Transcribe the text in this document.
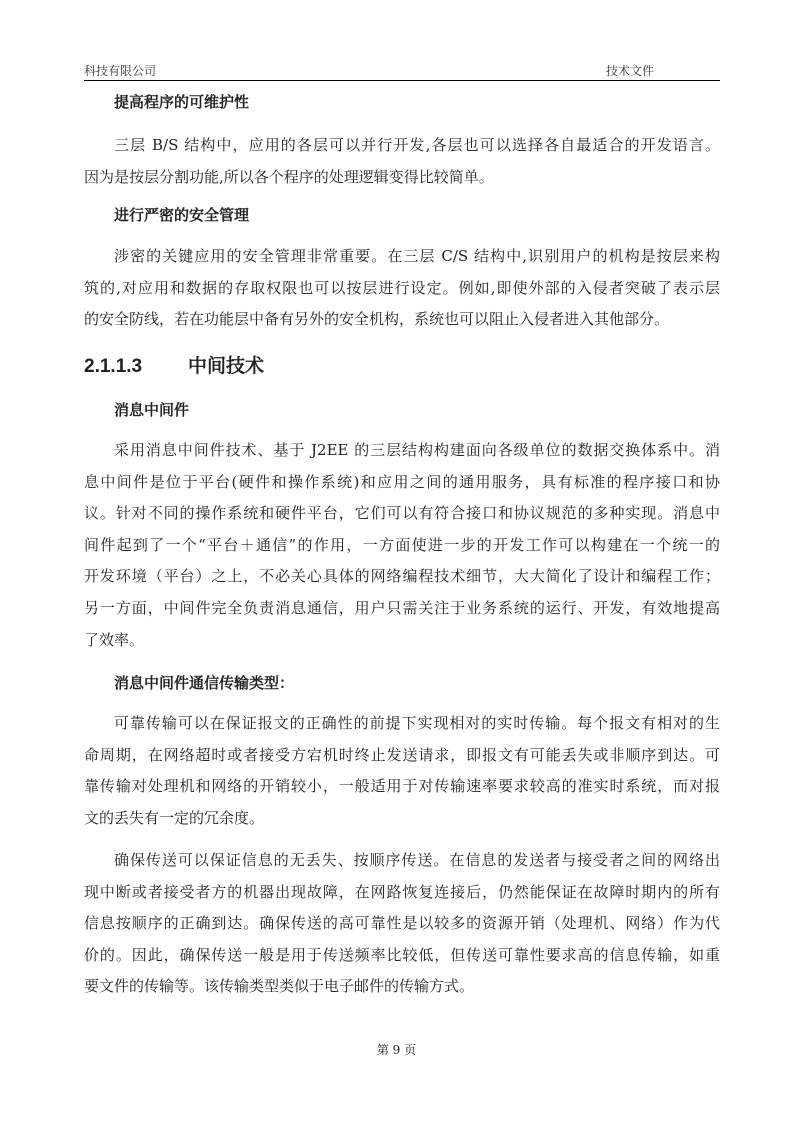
科技有限公司	技术文件
提高程序的可维护性
三层 B/S 结构中，应用的各层可以并行开发,各层也可以选择各自最适合的开发语言。
因为是按层分割功能,所以各个程序的处理逻辑变得比较简单。
进行严密的安全管理
涉密的关键应用的安全管理非常重要。在三层 C/S 结构中,识别用户的机构是按层来构
筑的,对应用和数据的存取权限也可以按层进行设定。例如,即使外部的入侵者突破了表示层
的安全防线，若在功能层中备有另外的安全机构，系统也可以阻止入侵者进入其他部分。
2.1.1.3 中间技术
消息中间件
采用消息中间件技术、基于 J2EE 的三层结构构建面向各级单位的数据交换体系中。消
息中间件是位于平台(硬件和操作系统)和应用之间的通用服务，具有标准的程序接口和协
议。针对不同的操作系统和硬件平台，它们可以有符合接口和协议规范的多种实现。消息中
间件起到了一个“平台＋通信”的作用，一方面使进一步的开发工作可以构建在一个统一的
开发环境（平台）之上，不必关心具体的网络编程技术细节，大大简化了设计和编程工作；
另一方面，中间件完全负责消息通信，用户只需关注于业务系统的运行、开发，有效地提高
了效率。
消息中间件通信传输类型：
可靠传输可以在保证报文的正确性的前提下实现相对的实时传输。每个报文有相对的生
命周期，在网络超时或者接受方宕机时终止发送请求，即报文有可能丢失或非顺序到达。可
靠传输对处理机和网络的开销较小，一般适用于对传输速率要求较高的准实时系统，而对报
文的丢失有一定的冗余度。
确保传送可以保证信息的无丢失、按顺序传送。在信息的发送者与接受者之间的网络出
现中断或者接受者方的机器出现故障，在网路恢复连接后，仍然能保证在故障时期内的所有
信息按顺序的正确到达。确保传送的高可靠性是以较多的资源开销（处理机、网络）作为代
价的。因此，确保传送一般是用于传送频率比较低，但传送可靠性要求高的信息传输，如重
要文件的传输等。该传输类型类似于电子邮件的传输方式。
第 9 页
